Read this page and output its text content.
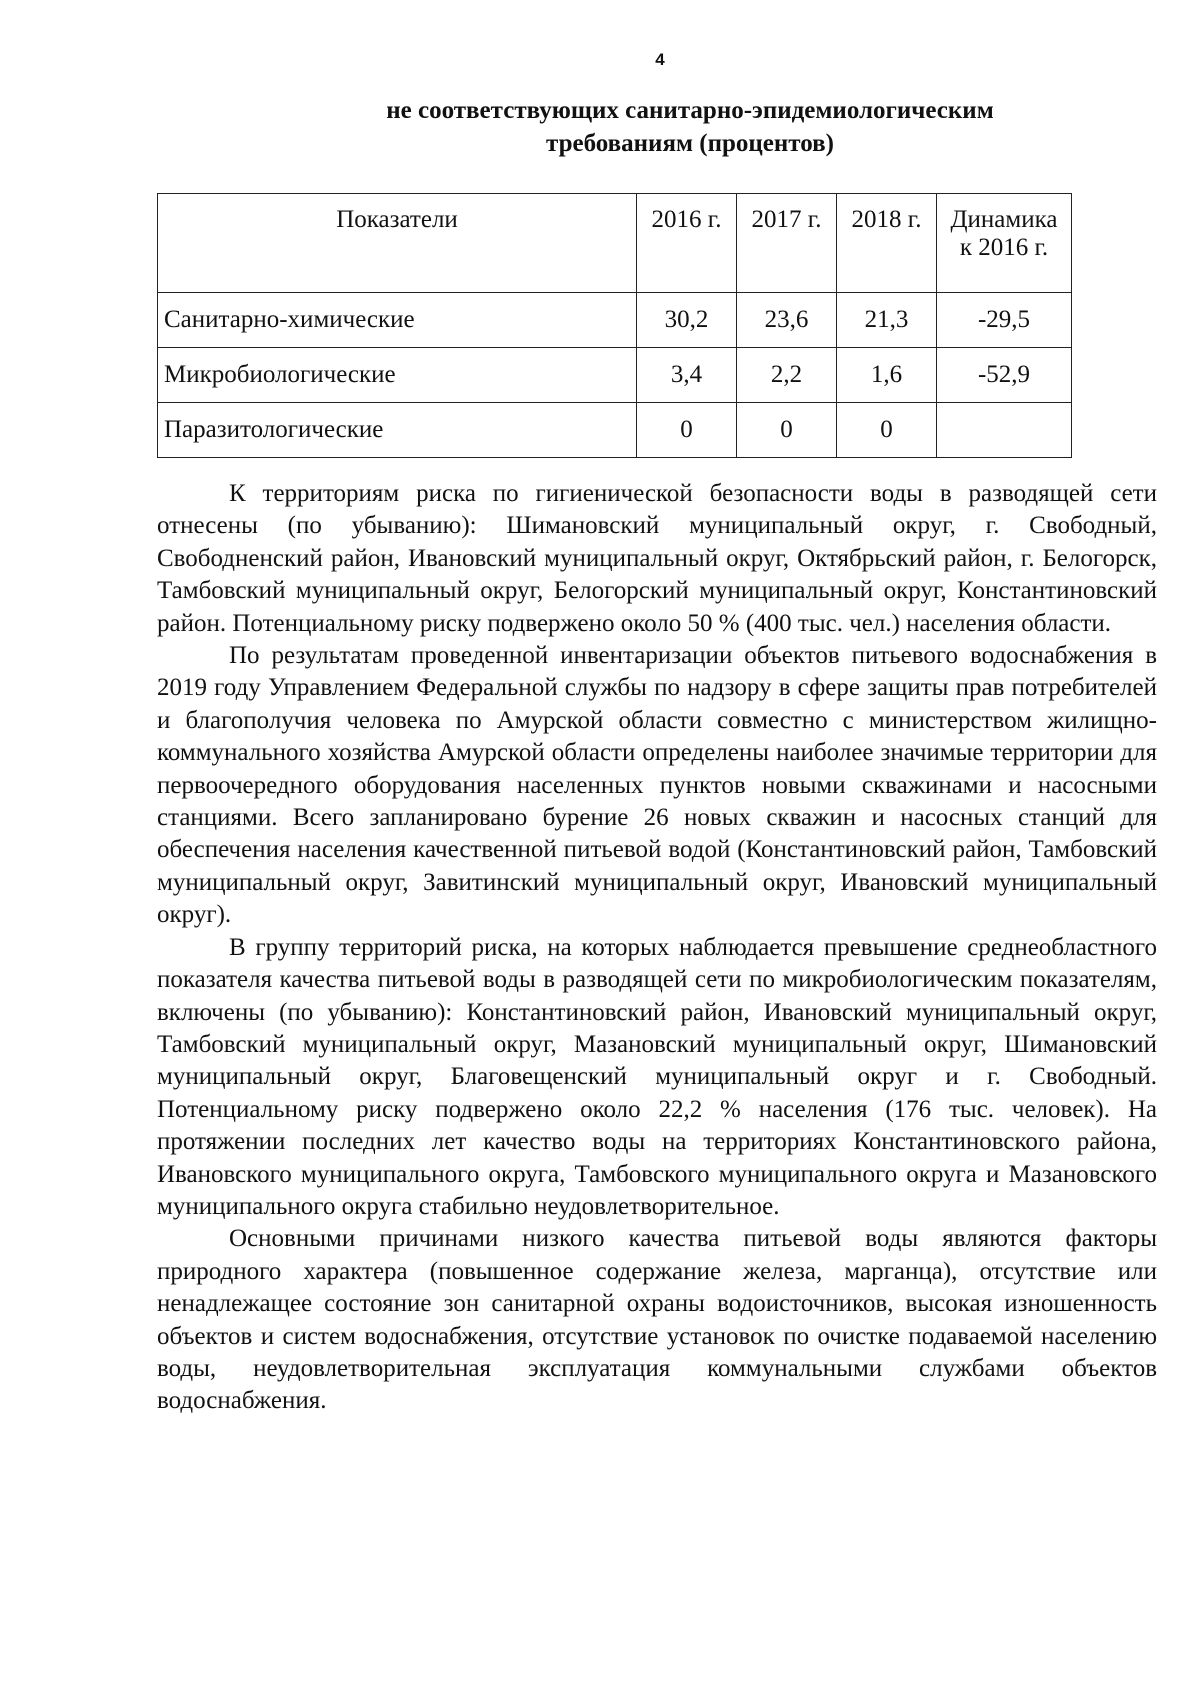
4
не соответствующих санитарно-эпидемиологическим
требованиям (процентов)
Показатели	2016 г.	2017 г.	2018 г.	Динамика к 2016 г.
Санитарно-химические	30,2	23,6	21,3	-29,5
Микробиологические	3,4	2,2	1,6	-52,9
Паразитологические	0	0	0	

К территориям риска по гигиенической безопасности воды в разводящей сети отнесены (по убыванию): Шимановский муниципальный округ, г. Свободный, Свободненский район, Ивановский муниципальный округ, Октябрьский район, г. Белогорск, Тамбовский муниципальный округ, Белогорский муниципальный округ, Константиновский район. Потенциальному риску подвержено около 50 % (400 тыс. чел.) населения области.

По результатам проведенной инвентаризации объектов питьевого водоснабжения в 2019 году Управлением Федеральной службы по надзору в сфере защиты прав потребителей и благополучия человека по Амурской области совместно с министерством жилищно-коммунального хозяйства Амурской области определены наиболее значимые территории для первоочередного оборудования населенных пунктов новыми скважинами и насосными станциями. Всего запланировано бурение 26 новых скважин и насосных станций для обеспечения населения качественной питьевой водой (Константиновский район, Тамбовский муниципальный округ, Завитинский муниципальный округ, Ивановский муниципальный округ).

В группу территорий риска, на которых наблюдается превышение среднеобластного показателя качества питьевой воды в разводящей сети по микробиологическим показателям, включены (по убыванию): Константиновский район, Ивановский муниципальный округ, Тамбовский муниципальный округ, Мазановский муниципальный округ, Шимановский муниципальный округ, Благовещенский муниципальный округ и г. Свободный. Потенциальному риску подвержено около 22,2 % населения (176 тыс. человек). На протяжении последних лет качество воды на территориях Константиновского района, Ивановского муниципального округа, Тамбовского муниципального округа и Мазановского муниципального округа стабильно неудовлетворительное.

Основными причинами низкого качества питьевой воды являются факторы природного характера (повышенное содержание железа, марганца), отсутствие или ненадлежащее состояние зон санитарной охраны водоисточников, высокая изношенность объектов и систем водоснабжения, отсутствие установок по очистке подаваемой населению воды, неудовлетворительная эксплуатация коммунальными службами объектов водоснабжения.
